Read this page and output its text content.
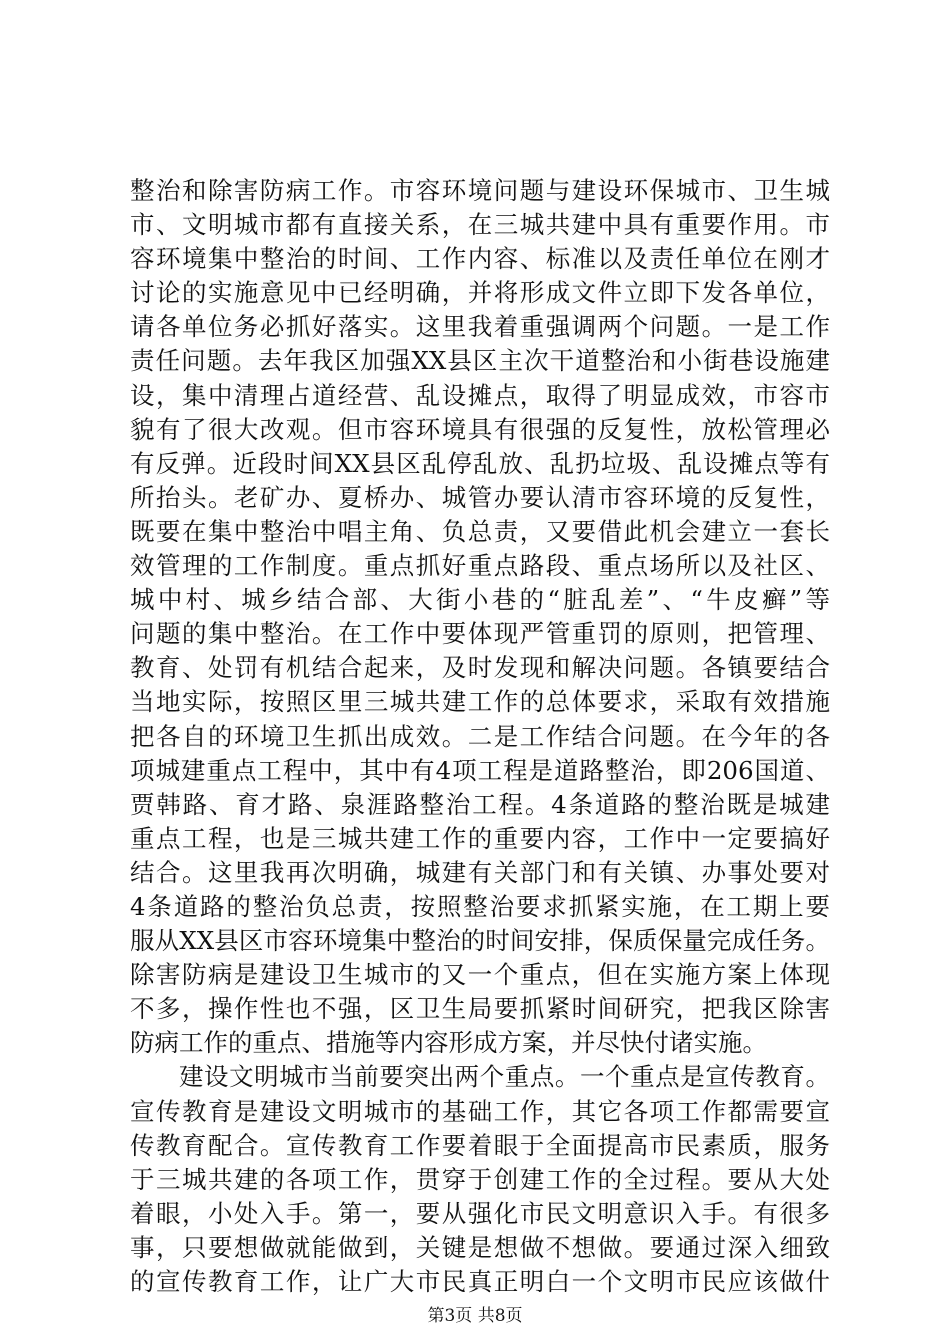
整治和除害防病工作。市容环境问题与建设环保城市、卫生城
市、文明城市都有直接关系，在三城共建中具有重要作用。市
容环境集中整治的时间、工作内容、标准以及责任单位在刚才
讨论的实施意见中已经明确，并将形成文件立即下发各单位，
请各单位务必抓好落实。这里我着重强调两个问题。一是工作
责任问题。去年我区加强XX县区主次干道整治和小街巷设施建
设，集中清理占道经营、乱设摊点，取得了明显成效，市容市
貌有了很大改观。但市容环境具有很强的反复性，放松管理必
有反弹。近段时间XX县区乱停乱放、乱扔垃圾、乱设摊点等有
所抬头。老矿办、夏桥办、城管办要认清市容环境的反复性，
既要在集中整治中唱主角、负总责，又要借此机会建立一套长
效管理的工作制度。重点抓好重点路段、重点场所以及社区、
城中村、城乡结合部、大街小巷的“脏乱差”、“牛皮癣”等
问题的集中整治。在工作中要体现严管重罚的原则，把管理、
教育、处罚有机结合起来，及时发现和解决问题。各镇要结合
当地实际，按照区里三城共建工作的总体要求，采取有效措施
把各自的环境卫生抓出成效。二是工作结合问题。在今年的各
项城建重点工程中，其中有4项工程是道路整治，即206国道、
贾韩路、育才路、泉涯路整治工程。4条道路的整治既是城建
重点工程，也是三城共建工作的重要内容，工作中一定要搞好
结合。这里我再次明确，城建有关部门和有关镇、办事处要对
4条道路的整治负总责，按照整治要求抓紧实施，在工期上要
服从XX县区市容环境集中整治的时间安排，保质保量完成任务。
除害防病是建设卫生城市的又一个重点，但在实施方案上体现
不多，操作性也不强，区卫生局要抓紧时间研究，把我区除害
防病工作的重点、措施等内容形成方案，并尽快付诸实施。
建设文明城市当前要突出两个重点。一个重点是宣传教育。
宣传教育是建设文明城市的基础工作，其它各项工作都需要宣
传教育配合。宣传教育工作要着眼于全面提高市民素质，服务
于三城共建的各项工作，贯穿于创建工作的全过程。要从大处
着眼，小处入手。第一，要从强化市民文明意识入手。有很多
事，只要想做就能做到，关键是想做不想做。要通过深入细致
的宣传教育工作，让广大市民真正明白一个文明市民应该做什
第3页 共8页
